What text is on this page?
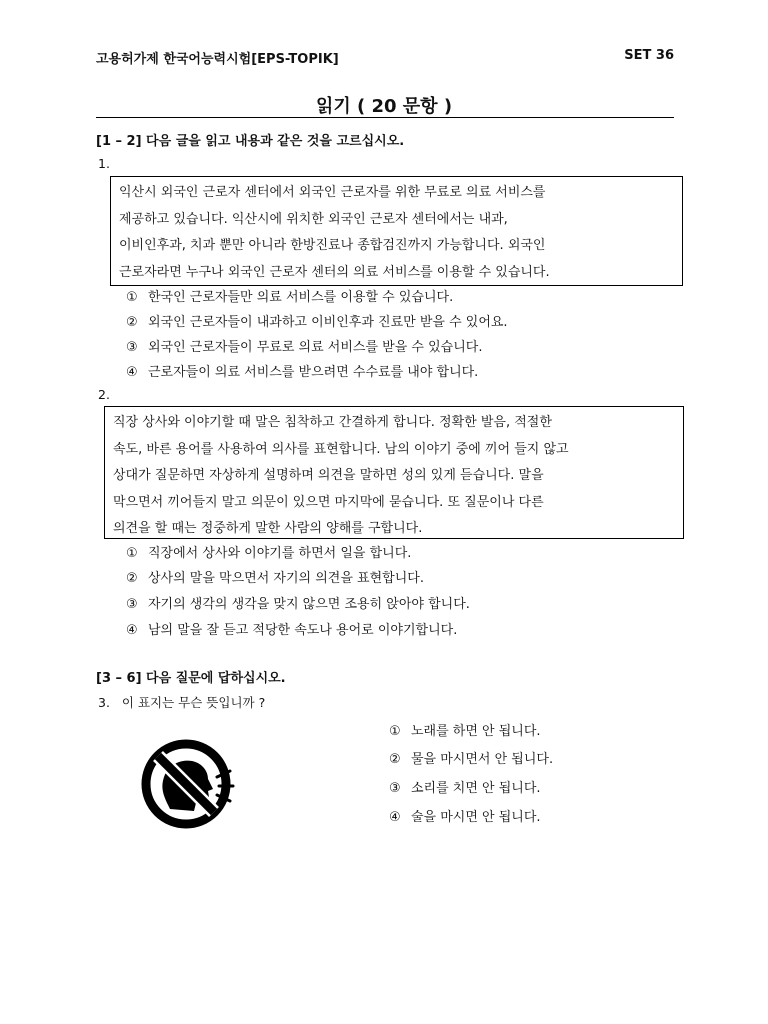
고용허가제 한국어능력시험[EPS-TOPIK]	SET 36
읽기 ( 20 문항 )
[1 – 2] 다음 글을 읽고 내용과 같은 것을 고르십시오.
1.
익산시 외국인 근로자 센터에서 외국인 근로자를 위한 무료로 의료 서비스를
제공하고 있습니다. 익산시에 위치한 외국인 근로자 센터에서는 내과,
이비인후과, 치과 뿐만 아니라 한방진료나 종합검진까지 가능합니다. 외국인
근로자라면 누구나 외국인 근로자 센터의 의료 서비스를 이용할 수 있습니다.
① 한국인 근로자들만 의료 서비스를 이용할 수 있습니다.
② 외국인 근로자들이 내과하고 이비인후과 진료만 받을 수 있어요.
③ 외국인 근로자들이 무료로 의료 서비스를 받을 수 있습니다.
④ 근로자들이 의료 서비스를 받으려면 수수료를 내야 합니다.
2.
직장 상사와 이야기할 때 말은 침착하고 간결하게 합니다. 정확한 발음, 적절한
속도, 바른 용어를 사용하여 의사를 표현합니다. 남의 이야기 중에 끼어 들지 않고
상대가 질문하면 자상하게 설명하며 의견을 말하면 성의 있게 듣습니다. 말을
막으면서 끼어들지 말고 의문이 있으면 마지막에 묻습니다. 또 질문이나 다른
의견을 할 때는 정중하게 말한 사람의 양해를 구합니다.
① 직장에서 상사와 이야기를 하면서 일을 합니다.
② 상사의 말을 막으면서 자기의 의견을 표현합니다.
③ 자기의 생각의 생각을 맞지 않으면 조용히 앉아야 합니다.
④ 남의 말을 잘 듣고 적당한 속도나 용어로 이야기합니다.
[3 – 6] 다음 질문에 답하십시오.
3. 이 표지는 무슨 뜻입니까 ?
① 노래를 하면 안 됩니다.
② 물을 마시면서 안 됩니다.
③ 소리를 치면 안 됩니다.
④ 술을 마시면 안 됩니다.
